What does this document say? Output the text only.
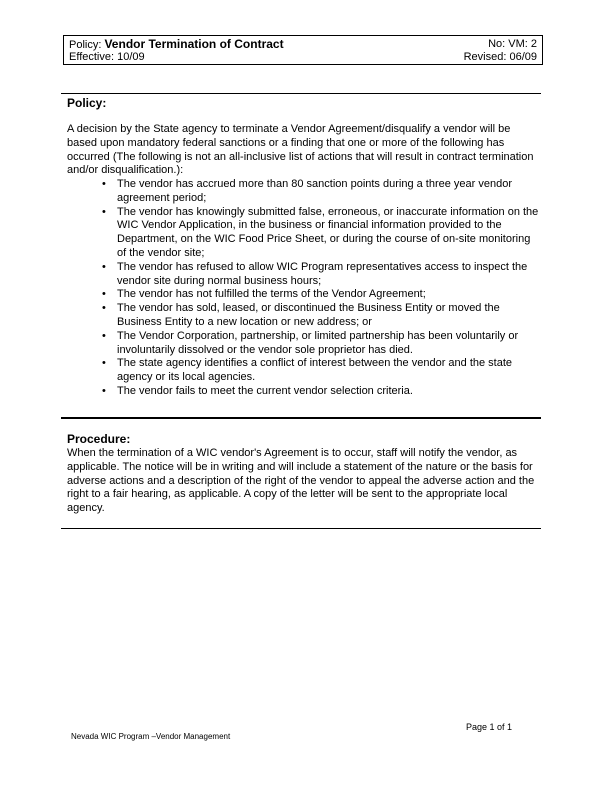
Policy: Vendor Termination of Contract	No: VM: 2
Effective: 10/09	Revised: 06/09
Policy:
A decision by the State agency to terminate a Vendor Agreement/disqualify a vendor will be based upon mandatory federal sanctions or a finding that one or more of the following has occurred (The following is not an all-inclusive list of actions that will result in contract termination and/or disqualification.):
• The vendor has accrued more than 80 sanction points during a three year vendor agreement period;
• The vendor has knowingly submitted false, erroneous, or inaccurate information on the WIC Vendor Application, in the business or financial information provided to the Department, on the WIC Food Price Sheet, or during the course of on-site monitoring of the vendor site;
• The vendor has refused to allow WIC Program representatives access to inspect the vendor site during normal business hours;
• The vendor has not fulfilled the terms of the Vendor Agreement;
• The vendor has sold, leased, or discontinued the Business Entity or moved the Business Entity to a new location or new address; or
• The Vendor Corporation, partnership, or limited partnership has been voluntarily or involuntarily dissolved or the vendor sole proprietor has died.
• The state agency identifies a conflict of interest between the vendor and the state agency or its local agencies.
• The vendor fails to meet the current vendor selection criteria.
Procedure:
When the termination of a WIC vendor's Agreement is to occur, staff will notify the vendor, as applicable. The notice will be in writing and will include a statement of the nature or the basis for adverse actions and a description of the right of the vendor to appeal the adverse action and the right to a fair hearing, as applicable. A copy of the letter will be sent to the appropriate local agency.
Page 1 of 1
Nevada WIC Program –Vendor Management
